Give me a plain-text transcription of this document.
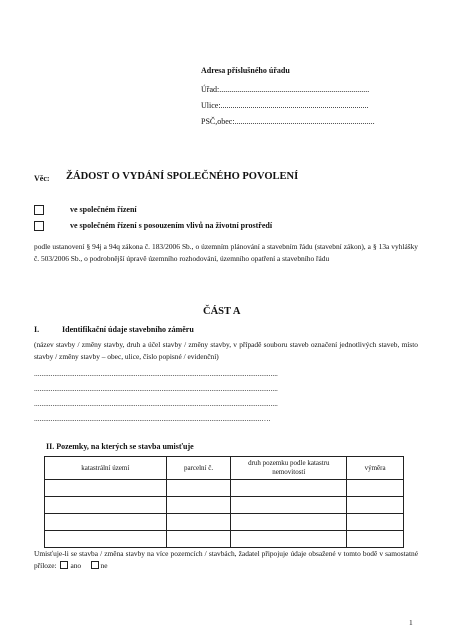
Adresa příslušného úřadu
Úřad:...........................................................................
Ulice:..........................................................................
PSČ,obec:......................................................................
Věc: ŽÁDOST O VYDÁNÍ SPOLEČNÉHO POVOLENÍ
ve společném řízení
ve společném řízení s posouzením vlivů na životní prostředí
podle ustanovení § 94j a 94q zákona č. 183/2006 Sb., o územním plánování a stavebním řádu (stavební zákon), a § 13a vyhlášky č. 503/2006 Sb., o podrobnější úpravě územního rozhodování, územního opatření a stavebního řádu
ČÁST A
I.	Identifikační údaje stavebního záměru
(název stavby / změny stavby, druh a účel stavby / změny stavby, v případě souboru staveb označení jednotlivých staveb, místo stavby / změny stavby – obec, ulice, číslo popisné / evidenční)
....................................................................................................................................
....................................................................................................................................
....................................................................................................................................
...........................................................................................................................….
II. Pozemky, na kterých se stavba umisťuje
katastrální území	parcelní č.	druh pozemku podle katastru nemovitostí	výměra

Umisťuje-li se stavba / změna stavby na více pozemcích / stavbách, žadatel připojuje údaje obsažené v tomto bodě v samostatné příloze: ano	ne
1
